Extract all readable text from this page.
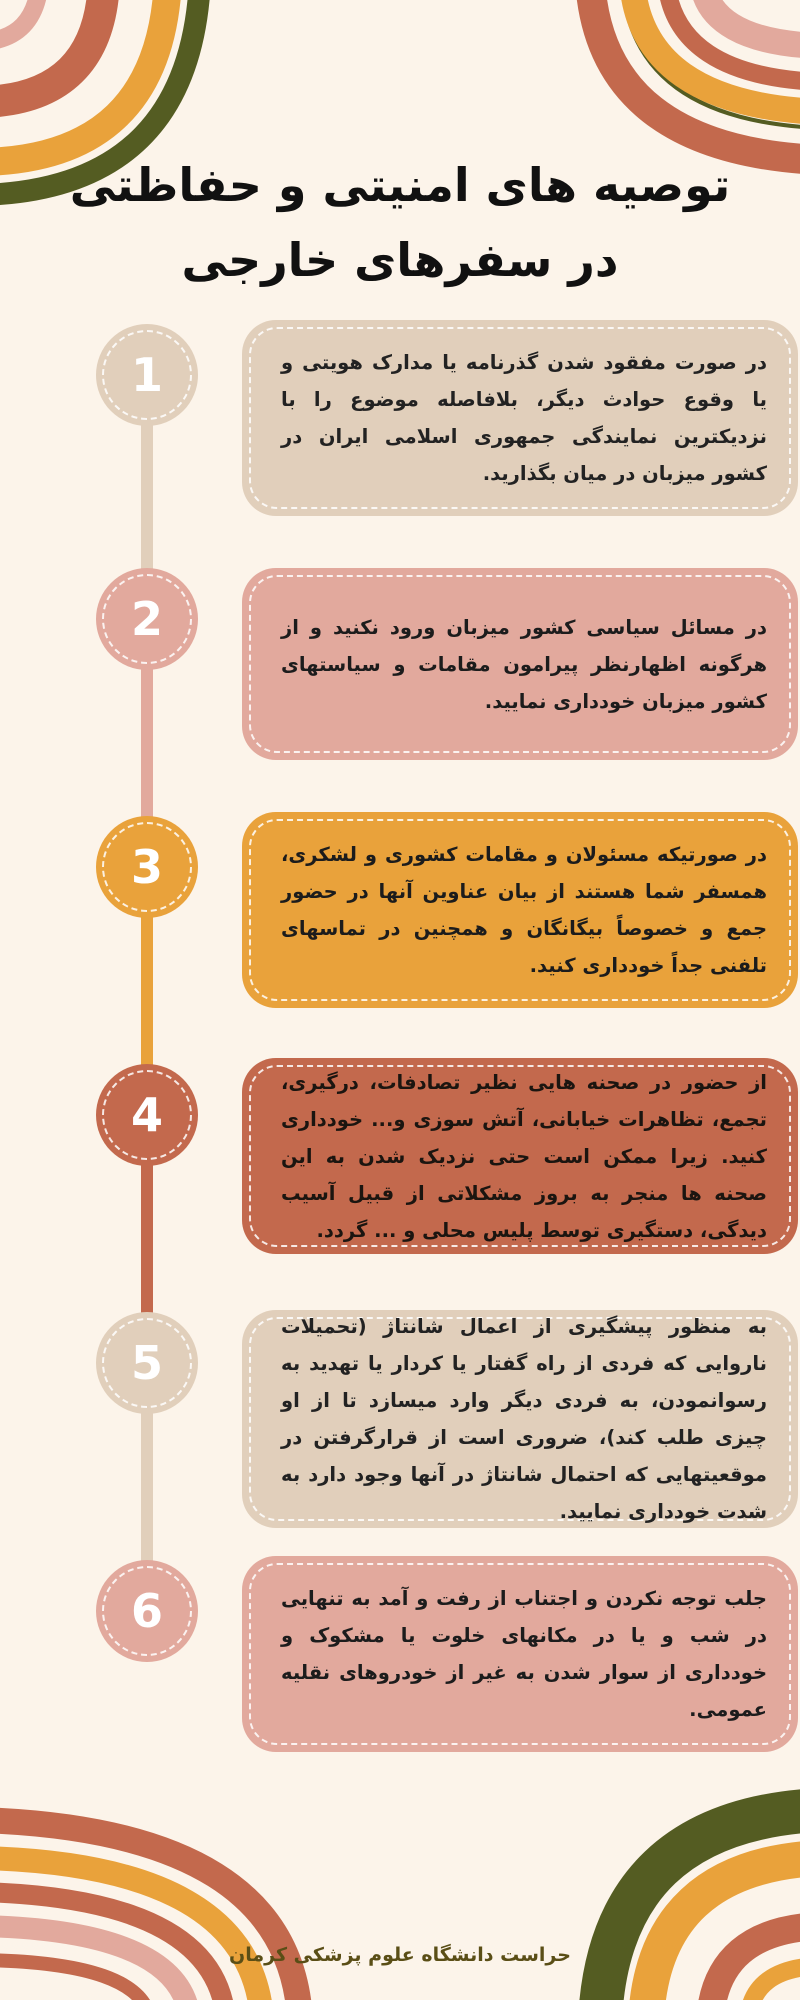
توصیه های امنیتی و حفاظتی
در سفرهای خارجی
1	در صورت مفقود شدن گذرنامه یا مدارک هویتی و یا وقوع حوادث دیگر، بلافاصله موضوع را با نزدیکترین نمایندگی جمهوری اسلامی ایران در کشور میزبان در میان بگذارید.

2	در مسائل سیاسی کشور میزبان ورود نکنید و از هرگونه اظهارنظر پیرامون مقامات و سیاستهای کشور میزبان خودداری نمایید.

3	در صورتیکه مسئولان و مقامات کشوری و لشکری، همسفر شما هستند از بیان عناوین آنها در حضور جمع و خصوصاً بیگانگان و همچنین در تماسهای تلفنی جداً خودداری کنید.

4

از حضور در صحنه هایی نظیر تصادفات، درگیری، تجمع، تظاهرات خیابانی، آتش سوزی و... خودداری کنید. زیرا ممکن است حتی نزدیک شدن به این صحنه ها منجر به بروز مشکلاتی از قبیل آسیب دیدگی، دستگیری توسط پلیس محلی و ... گردد.

5

به منظور پیشگیری از اعمال شانتاژ (تحمیلات ناروایی که فردی از راه گفتار یا کردار یا تهدید به رسوانمودن، به فردی دیگر وارد میسازد تا از او چیزی طلب کند)، ضروری است از قرارگرفتن در موقعیتهایی که احتمال شانتاژ در آنها وجود دارد به شدت خودداری نمایید.

6	جلب توجه نکردن و اجتناب از رفت و آمد به تنهایی در شب و یا در مکانهای خلوت یا مشکوک و خودداری از سوار شدن به غیر از خودروهای نقلیه عمومی.

حراست دانشگاه علوم پزشکی کرمان
